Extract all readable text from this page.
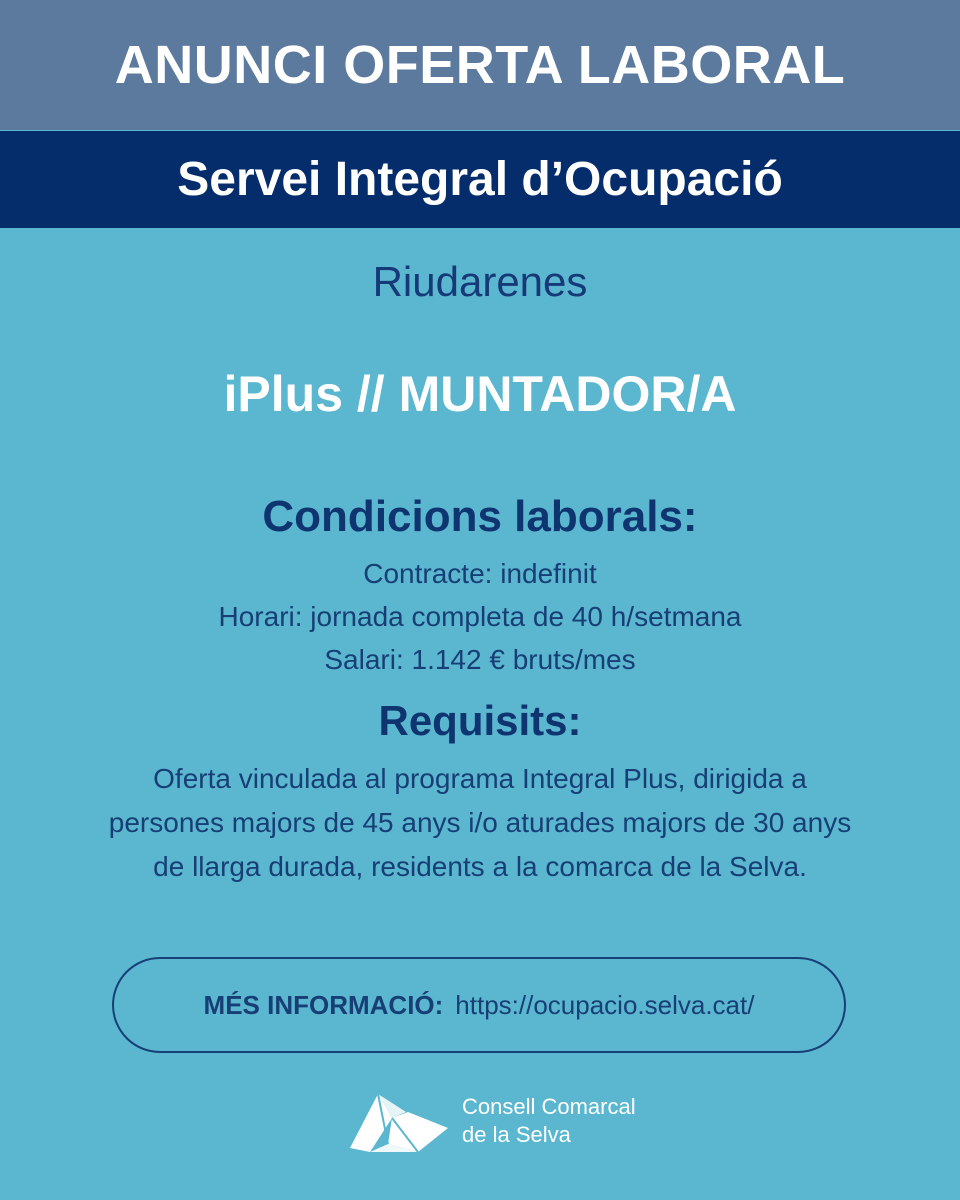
ANUNCI OFERTA LABORAL
Servei Integral d’Ocupació
Riudarenes
iPlus // MUNTADOR/A
Condicions laborals:
Contracte: indefinit
Horari: jornada completa de 40 h/setmana
Salari: 1.142 € bruts/mes
Requisits:
Oferta vinculada al programa Integral Plus, dirigida a persones majors de 45 anys i/o aturades majors de 30 anys de llarga durada, residents a la comarca de la Selva.
MÉS INFORMACIÓ: https://ocupacio.selva.cat/
Consell Comarcal
de la Selva
